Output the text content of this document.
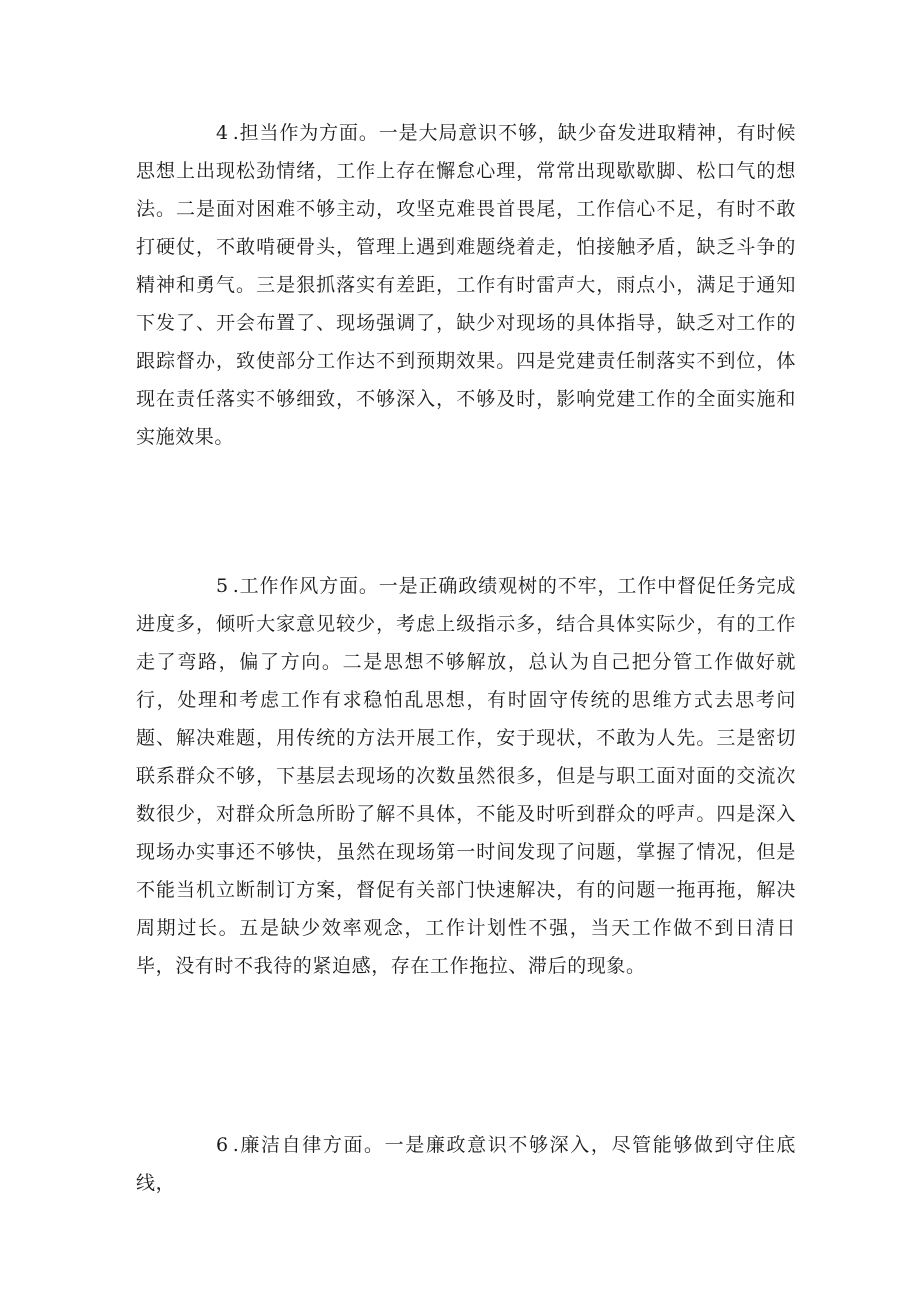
4 .担当作为方面。一是大局意识不够，缺少奋发进取精神，有时候思想上出现松劲情绪，工作上存在懈怠心理，常常出现歇歇脚、松口气的想法。二是面对困难不够主动，攻坚克难畏首畏尾，工作信心不足，有时不敢打硬仗，不敢啃硬骨头，管理上遇到难题绕着走，怕接触矛盾，缺乏斗争的精神和勇气。三是狠抓落实有差距，工作有时雷声大，雨点小，满足于通知下发了、开会布置了、现场强调了，缺少对现场的具体指导，缺乏对工作的跟踪督办，致使部分工作达不到预期效果。四是党建责任制落实不到位，体现在责任落实不够细致，不够深入，不够及时，影响党建工作的全面实施和实施效果。

5 .工作作风方面。一是正确政绩观树的不牢，工作中督促任务完成进度多，倾听大家意见较少，考虑上级指示多，结合具体实际少，有的工作走了弯路，偏了方向。二是思想不够解放，总认为自己把分管工作做好就行，处理和考虑工作有求稳怕乱思想，有时固守传统的思维方式去思考问题、解决难题，用传统的方法开展工作，安于现状，不敢为人先。三是密切联系群众不够，下基层去现场的次数虽然很多，但是与职工面对面的交流次数很少，对群众所急所盼了解不具体，不能及时听到群众的呼声。四是深入现场办实事还不够快，虽然在现场第一时间发现了问题，掌握了情况，但是不能当机立断制订方案，督促有关部门快速解决，有的问题一拖再拖，解决周期过长。五是缺少效率观念，工作计划性不强，当天工作做不到日清日毕，没有时不我待的紧迫感，存在工作拖拉、滞后的现象。

6 .廉洁自律方面。一是廉政意识不够深入，尽管能够做到守住底线，
